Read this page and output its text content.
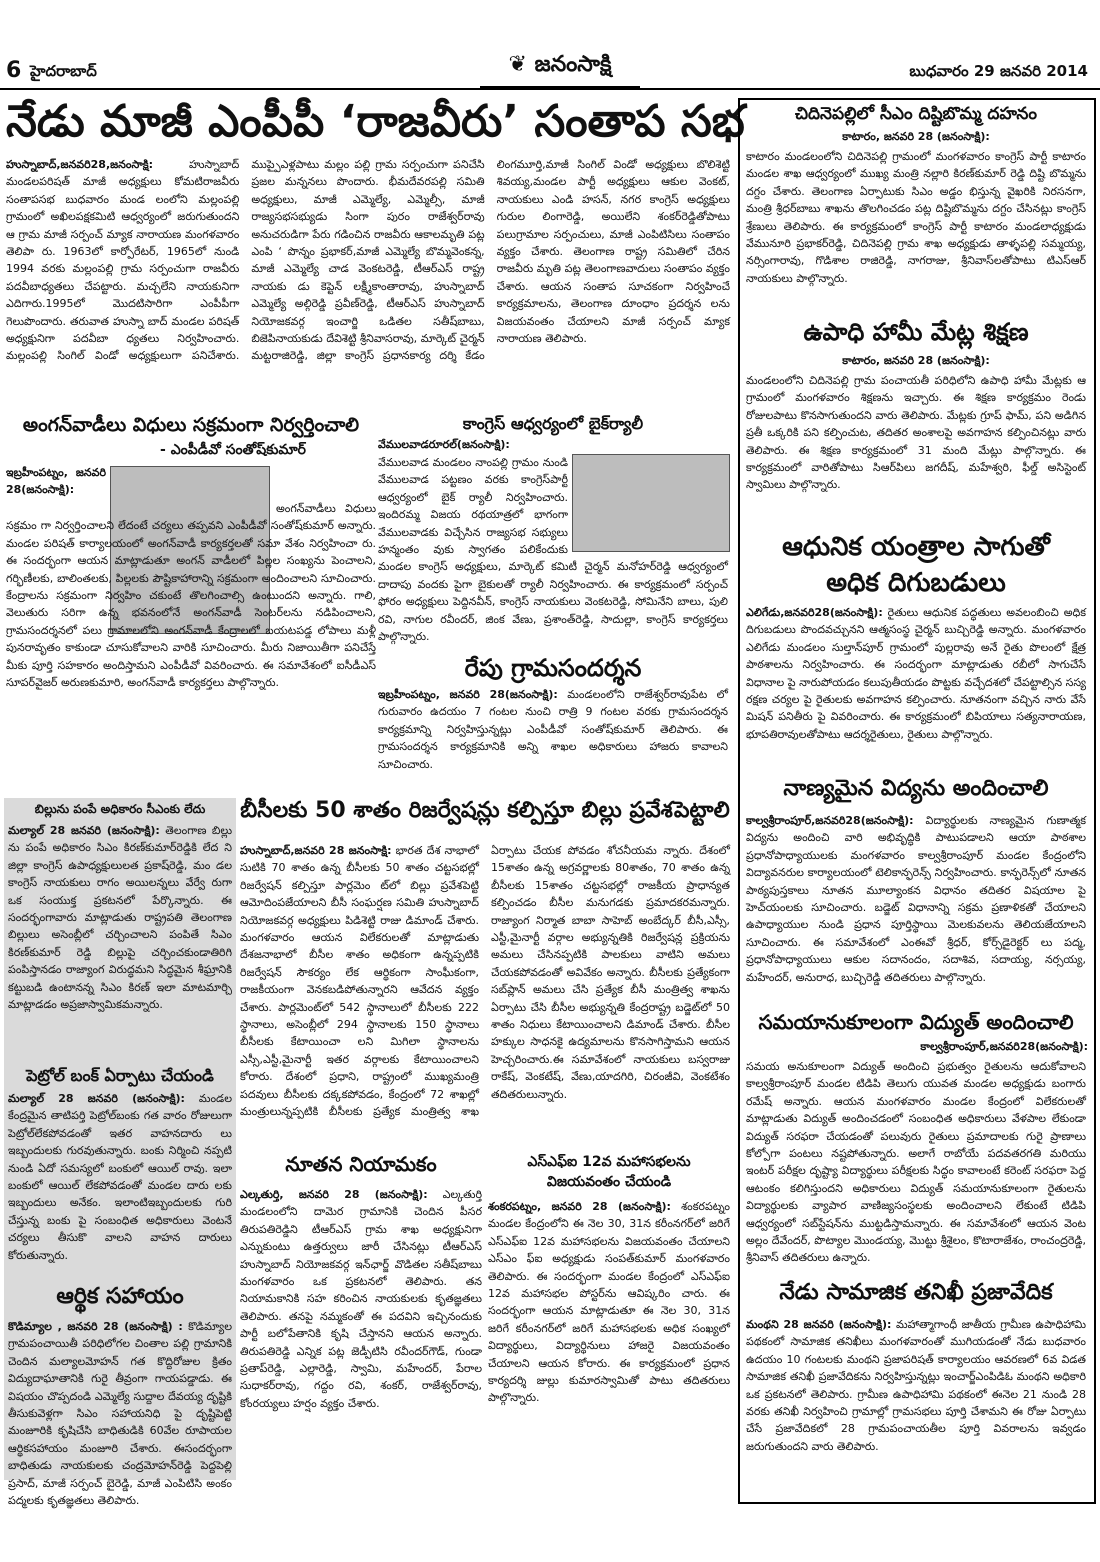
6 హైదరాబాద్	❦ జనంసాక్షి	బుధవారం 29 జనవరి 2014
నేడు మాజీ ఎంపీపీ ‘రాజవీరు’ సంతాప సభ
హుస్నాబాద్,జనవరి28,జనంసాక్షి:	హుస్నాబాద్ మండలపరిషత్ మాజీ అధ్యక్షులు కోమటిరాజవీరు సంతాపసభ బుధవారం మండ లంలోని మల్లంపల్లి గ్రామంలో అఖిలపక్షకమిటి ఆధ్వర్యంలో జరుగుతుందని ఆ గ్రామ మాజీ సర్పంచ్ మ్యాక నారాయణ మంగళవారం తెలిపా రు. 1963లో కార్పోరేటర్, 1965లో నుండి 1994 వరకు మల్లంపల్లి గ్రామ సర్పంచుగా రాజవీరు పదవీబాధ్యతలు చేపట్టారు. మచ్చలేని నాయకునిగా ఎదిగారు.1995లో మొదటిసారిగా ఎంపీపీగా గెలుపొందారు. తరువాత హుస్నా బాద్ మండల పరిషత్ అధ్యక్షునిగా పదవీబా ధ్యతలు నిర్వహించారు. మల్లంపల్లి సింగిల్ విండో అధ్యక్షులుగా పనిచేశారు. ముప్పైఎళ్లపాటు మల్లం పల్లి గ్రామ సర్పంచుగా పనిచేసి ప్రజల మన్ననలు పొందారు. భీమదేవరపల్లి సమితి అధ్యక్షులు, మాజీ ఎమ్మెల్యే, ఎమ్మెల్సీ, మాజీ రాజ్యసభసభ్యుడు సింగా పురం రాజేశ్వర్‌రావు అనుచరుడిగా పేరు గడించిన రాజవీరు ఆకాలమృతి పట్ల ఎంపి ‘ పొన్నం ప్రభాకర్,మాజీ ఎమ్మెల్యే బొమ్మవెంకన్న, మాజీ ఎమ్మెల్యే చాడ వెంకటరెడ్డి, టీఆర్‌ఎస్ రాష్ట్ర నాయకు డు కెప్టెన్ లక్ష్మీకాంతారావు, హుస్నాబాద్ ఎమ్మెల్యే అల్గిరెడ్డి ప్రవీణ్‌రెడ్డి, టీఆర్‌ఎస్ హుస్నాబాద్ నియోజకవర్గ ఇంచార్జి ఒడితల సతీష్‌బాబు, బిజెపినాయకుడు దేవిశెట్టి శ్రీనివాసరావు, మార్కెట్ చైర్మన్ మట్టరాజిరెడ్డి, జిల్లా కాంగ్రెస్ ప్రధానకార్య దర్శి కేడం లింగమూర్తి,మాజీ సింగిల్ విండో అధ్యక్షులు బొలిశెట్టి శివయ్య,మండల పార్టీ అధ్యక్షులు ఆకుల వెంకట్, నాయకులు ఎండి హసన్, నగర కాంగ్రెస్ అధ్యక్షులు గురుల లింగారెడ్డి, అయిలేని శంకర్‌రెడ్డితోపాటు పలుగ్రామాల సర్పంచులు, మాజీ ఎంపిటిసిలు సంతాపం వ్యక్తం చేశారు. తెలంగాణ రాష్ట్ర సమితిలో చేరిన రాజవీరు మృతి పట్ల తెలంగాణవాదులు సంతాపం వ్యక్తం చేశారు. ఆయన సంతాప సూచకంగా నిర్వహించే కార్యక్రమాలను, తెలంగాణ దూంధాం ప్రదర్శన లను విజయవంతం చేయాలని మాజీ సర్పంచ్ మ్యాక నారాయణ తెలిపారు.
అంగన్‌వాడీలు విధులు సక్రమంగా నిర్వర్తించాలి
- ఎంపీడీవో సంతోష్‌కుమార్
ఇబ్రహీంపట్నం, జనవరి 28(జనంసాక్షి):
అంగన్‌వాడీలు విధులు సక్రమం గా నిర్వర్తించాలని లేదంటే చర్యలు తప్పవని ఎంపీడీవో సంతోష్‌కుమార్ అన్నారు. మండల పరిషత్ కార్యాలయంలో అంగన్‌వాడీ కార్యకర్తలతో సమా వేశం నిర్వహించా రు. ఈ సందర్భంగా ఆయన మాట్లాడుతూ అంగన్ వాడీలలో పిల్లల సంఖ్యను పెంచాలని, గర్భిణీలకు, బాలింతలకు, పిల్లలకు పౌష్టికాహారాన్ని సక్రమంగా అందించాలని సూచించారు. కేంద్రాలను సక్రమంగా నిర్వహిం చకుంటే తొలగించాల్సి ఉంటుందని అన్నారు. గాలి, వెలుతురు సరిగా ఉన్న భవనంలోనే అంగన్‌వాడీ సెంటర్‌లను నడిపించాలని, గ్రామసందర్శనలో పలు గ్రామాలలోని అంగన్‌వాడీ కేంద్రాలలో బయటపడ్డ లోపాలు మళ్లీ పునరావృతం కాకుండా చూసుకోవాలని వారికి సూచించారు. మీరు నిజాయితీగా పనిచేస్తే మీకు పూర్తి సహకారం అందిస్తామని ఎంపీడీవో వివరించారు. ఈ సమావేశంలో ఐసీడీఎస్ సూపర్‌వైజర్ అరుణకుమారి, అంగన్‌వాడీ కార్యకర్తలు పాల్గొన్నారు.
కాంగ్రెస్ ఆధ్వర్యంలో బైక్‌ర్యాలీ
వేములవాడరూరల్(జనంసాక్షి):
వేములవాడ మండలం నాంపల్లి గ్రామం నుండి వేములవాడ పట్టణం వరకు కాంగ్రెస్‌పార్టీ ఆధ్వర్యంలో బైక్ ర్యాలీ నిర్వహించారు. ఇందిరమ్మ విజయ రథయాత్రలో భాగంగా వేములవాడకు విచ్చేసిన రాజ్యసభ సభ్యులు హన్మంతం వుకు స్వాగతం పలికేందుకు మండల కాంగ్రెస్ అధ్యక్షులు, మార్కెట్ కమిటీ చైర్మన్ మనోహర్‌రెడ్డి ఆధ్వర్యంలో దాదాపు వందకు పైగా బైకులతో ర్యాలీ నిర్వహించారు. ఈ కార్యక్రమంలో సర్పంచ్ ఫోరం అధ్యక్షులు పెద్దినవీన్, కాంగ్రెస్ నాయకులు వెంకటరెడ్డి, సోమినేని బాలు, పులి రవి, నాగుల రవీందర్, జింక వేణు, ప్రశాంత్‌రెడ్డి, సాదుల్లా, కాంగ్రెస్ కార్యకర్తలు పాల్గొన్నారు.
రేపు గ్రామసందర్శన
ఇబ్రహీంపట్నం, జనవరి 28(జనంసాక్షి): మండలంలోని రాజేశ్వర్‌రావుపేట లో గురువారం ఉదయం 7 గంటల నుంచి రాత్రి 9 గంటల వరకు గ్రామసందర్శన కార్యక్రమాన్ని నిర్వహిస్తున్నట్లు ఎంపీడీవో సంతోష్‌కుమార్ తెలిపారు. ఈ గ్రామసందర్శన కార్యక్రమానికి అన్ని శాఖల అధికారులు హాజరు కావాలని సూచించారు.
బిల్లును పంపే అధికారం సీఎంకు లేదు
మల్యాల్ 28 జనవరి (జనంసాక్షి): తెలంగాణ బిల్లు ను పంపే అధికారం సిఎం కిరణ్‌కుమార్‌రెడ్డికి లేద ని జిల్లా కాంగ్రెస్ ఉపాధ్యక్షులులత ప్రకాష్‌రెడ్డి, మం డల కాంగ్రెస్ నాయకులు రాగం అయిలన్నలు వేర్వే రుగా ఒక సంయుక్త ప్రకటనలో పేర్కొన్నారు. ఈ సందర్భంగావారు మాట్లాడుతు రాష్ట్రపతి తెలంగాణ బిల్లులు అసెంబ్లీలో చర్చించాలని పంపితే సిఎం కిరణ్‌కుమార్ రెడ్డి బిల్లుపై చర్చించకుండాతిరిగి పంపిస్తానడం రాజ్యాంగ విరుద్ధమని సిద్ధమైన శీఘ్రానికి కట్టుబడి ఉంటానన్న సిఎం కిరణ్ ఇలా మాటమార్చి మాట్లాడడం అప్రజాస్వామికమన్నారు.
పెట్రోల్ బంక్ ఏర్పాటు చేయండి
మల్యాల్ 28 జనవరి (జనంసాక్షి): మండల కేంద్రమైన తాటిపర్తి పెట్రోల్‌బంకు గత వారం రోజులుగా పెట్రోల్‌లేకపోవడంతో ఇతర వాహనదారు లు ఇబ్బందులకు గురవుతున్నారు. బంకు నిర్మించి నప్పటి నుండి ఏదో సమస్యలో బంకులో ఆయిల్ రావు. ఇలా బంకులో ఆయిల్ లేకపోవడంతో మండల దారు లకు ఇబ్బందులు అనేకం. ఇలాంటిఇబ్బందులకు గురి చేస్తున్న బంకు పై సంబంధిత అధికారులు వెంటనే చర్యలు తీసుకొ వాలని వాహన దారులు కోరుతున్నారు.
ఆర్థిక సహాయం
కొడిమ్యాల , జనవరి 28 (జనంసాక్షి) : కొడిమ్యాల గ్రామపంచాయితీ పరిధిలోగల చింతాల పల్లి గ్రామానికి చెందిన మల్యాలమోహన్ గత కొద్దిరోజుల క్రితం విద్యుదాఘాతానికి గురై తీవ్రంగా గాయపడ్డాడు. ఈ విషయం చొప్పదండి ఎమ్మెల్యే సుద్దాల దేవయ్య దృష్టికి తీసుకువెళ్లగా సిఎం సహాయనిధి పై దృష్టిపెట్టి మంజూరికి కృషిచేసి బాధితుడికి 60వేల రూపాయల ఆర్థికసహాయం మంజూరి చేశారు. ఈసందర్భంగా బాధితుడు నాయకులకు చంద్రమోహన్‌రెడ్డి పెద్దపెల్లి ప్రసాద్, మాజీ సర్పంచ్ బైరెడ్డి, మాజీ ఎంపిటిసి అంకం పద్మలకు కృతజ్ఞతలు తెలిపారు.
బీసీలకు 50 శాతం రిజర్వేషన్లు కల్పిస్తూ బిల్లు ప్రవేశపెట్టాలి
హుస్నాబాద్,జనవరి 28 జనంసాక్షి: భారత దేశ నాభాలో సుటికి 70 శాతం ఉన్న బీసీలకు 50 శాతం చట్టసభల్లో రిజర్వేషన్ కల్పిస్తూ పార్లమెం ట్‌లో బిల్లు ప్రవేశపెట్టి ఆమోదింపజేయాలని బీసీ సంఘర్షణ సమితి హుస్నాబాద్ నియోజకవర్గ అధ్యక్షులు పిడిశెట్టి రాజు డిమాండ్ చేశారు. మంగళవారం ఆయన విలేకరులతో మాట్లాడుతు దేశజనాభాలో బీసీల శాతం అధికంగా ఉన్నప్పటికి రిజర్వేషన్ సౌకర్యం లేక ఆర్థికంగా సాంఘీకంగా, రాజకీయంగా వెనకబడిపోతున్నారని ఆవేదన వ్యక్తం చేశారు. పార్లమెంట్‌లో 542 స్థానాలులో బీసీలకు 222 స్థానాలు, అసెంబ్లీలో 294 స్థానాలకు 150 స్థానాలు బీసీలకు కేటాయించా లని మిగిలా స్థానాలను ఎస్సీ,ఎస్టీ,మైనార్టీ ఇతర వర్గాలకు కేటాయించాలని కోరారు. దేశంలో ప్రధాని, రాష్ట్రంలో ముఖ్యమంత్రి పదవులు బీసీలకు దక్కకపోవడం, కేంద్రంలో 72 శాఖల్లో మంత్రులున్నప్పటికి బీసీలకు ప్రత్యేక మంత్రిత్వ శాఖ ఏర్పాటు చేయక పోవడం శోచనీయమ న్నారు. దేశంలో 15శాతం ఉన్న అగ్రవర్ణాలకు 80శాతం, 70 శాతం ఉన్న బీసీలకు 15శాతం చట్టసభల్లో రాజకీయ ప్రాధాన్యత కల్పించడం బీసీల మనుగడకు ప్రమాదకరమన్నారు. రాజ్యాంగ నిర్మాత బాబా సాహెబ్ అంబేద్కర్ బీసీ,ఎస్సీ, ఎస్టీ,మైనార్టీ వర్గాల అభ్యున్నతికి రిజర్వేషన్ల ప్రక్రియను అమలు చేసినప్పటికి పాలకులు వాటిని అమలు చేయకపోవడంతో అవివేకం అన్నారు. బీసీలకు ప్రత్యేకంగా సబ్‌ప్లాన్ అమలు చేసి ప్రత్యేక బీసీ మంత్రిత్వ శాఖను ఏర్పాటు చేసి బీసీల అభ్యున్నతి కేంద్రరాష్ట్ర బడ్జెట్‌లో 50 శాతం నిధులు కేటాయించాలని డిమాండ్ చేశారు. బీసీల హక్కుల సాధనకై ఉద్యమాలను కొనసాగిస్తామని ఆయన హెచ్చరించారు.ఈ సమావేశంలో నాయకులు బస్వరాజు రాకేష్, వెంకటేష్, వేణు,యాదగిరి, చిరంజీవి, వెంకటేశం తదితరులున్నారు.
నూతన నియామకం
ఎల్కతుర్తి, జనవరి 28 (జనంసాక్షి): ఎల్కతుర్తి మండలంలోని దామెర గ్రామానికి చెందిన పీసర తిరుపతిరెడ్డిని టీఆర్‌ఎస్ గ్రామ శాఖ అధ్యక్షునిగా ఎన్నుకుంటు ఉత్తర్వులు జారీ చేసినట్లు టీఆర్‌ఎస్ హుస్నాబాద్ నియోజకవర్గ ఇన్‌ఛార్జ్ వొడితల సతీష్‌బాబు మంగళవారం ఒక ప్రకటనలో తెలిపారు. తన నియామకానికి సహ కరించిన నాయకులకు కృతజ్ఞతలు తెలిపారు. తనపై నమ్మకంతో ఈ పదవిని ఇచ్చినందుకు పార్టీ బలోపేతానికి కృషి చేస్తానని ఆయన అన్నారు. తిరుపతిరెడ్డి ఎన్నిక పట్ల జెడ్పీటిసి రవీందర్‌గౌడ్, గుండా ప్రతాప్‌రెడ్డి, ఎల్లారెడ్డి, స్వామి, మహేందర్, పేరాల సుధాకర్‌రావు, గద్దం రవి, శంకర్, రాజేశ్వర్‌రావు, కోంరయ్యలు హర్షం వ్యక్తం చేశారు.
ఎస్ఎఫ్ఐ 12వ మహాసభలను
విజయవంతం చేయండి
శంకరపట్నం, జనవరి 28 (జనంసాక్షి): శంకరపట్నం మండల కేంద్రంలోని ఈ నెల 30, 31న కరీంనగర్‌లో జరిగే ఎస్ఎఫ్ఐ 12వ మహాసభలను విజయవంతం చేయాలని ఎస్ఎం ఫ్ఐ అధ్యక్షుడు సంపత్‌కుమార్ మంగళవారం తెలిపారు. ఈ సందర్భంగా మండల కేంద్రంలో ఎస్ఎఫ్ఐ 12వ మహాసభల పోస్టర్‌ను ఆవిష్కరిం చారు. ఈ సందర్భంగా ఆయన మాట్లాడుతూ ఈ నెల 30, 31న జరిగే కరీంనగర్‌లో జరిగే మహాసభలకు అధిక సంఖ్యలో విద్యార్థులు, విద్యార్థినులు హాజరై విజయవంతం చేయాలని ఆయన కోరారు. ఈ కార్యక్రమంలో ప్రధాన కార్యదర్శి జుల్లు కుమారస్వామితో పాటు తదితరులు పాల్గొన్నారు.
చిదినెపల్లిలో సీఎం దిష్టిబొమ్మ దహనం
కాటారం, జనవరి 28 (జనంసాక్షి):
కాటారం మండలంలోని చిదినెపల్లి గ్రామంలో మంగళవారం కాంగ్రెస్ పార్టీ కాటారం మండల శాఖ ఆధ్వర్యంలో ముఖ్య మంత్రి నల్లారి కిరణ్‌కుమార్ రెడ్డి దిష్టి బొమ్మను దగ్దం చేశారు. తెలంగాణ ఏర్పాటుకు సిఎం అడ్డం భిస్తున్న వైఖరికి నిరసనగా, మంత్రి శ్రీధర్‌బాబు శాఖను తొలగించడం పట్ల దిష్టిబొమ్మను దగ్దం చేసినట్లు కాంగ్రెస్ శ్రేణులు తెలిపారు. ఈ కార్యక్రమంలో కాంగ్రెస్ పార్టీ కాటారం మండలాధ్యక్షుడు వేమునూరి ప్రభాకర్‌రెడ్డి, చిదినెపల్లి గ్రామ శాఖ అధ్యక్షుడు తాళ్ళపల్లి సమ్మయ్య, నర్సింగారావు, గొడిశాల రాజిరెడ్డి, నాగరాజు, శ్రీనివాస్‌లతోపాటు టిఎస్ఆర్ నాయకులు పాల్గొన్నారు.
ఉపాధి హామీ మేట్ల శిక్షణ
కాటారం, జనవరి 28 (జనంసాక్షి):
మండలంలోని చిదినెపల్లి గ్రామ పంచాయతీ పరిధిలోని ఉపాధి హామీ మేట్లకు ఆ గ్రామంలో మంగళవారం శిక్షణను ఇచ్చారు. ఈ శిక్షణ కార్యక్రమం రెండు రోజులపాటు కొనసాగుతుందని వారు తెలిపారు. మేట్లకు గ్రూప్ ఫామ్, పని అడిగిన ప్రతీ ఒక్కరికి పని కల్పించుట, తదితర అంశాలపై అవగాహన కల్పించినట్లు వారు తెలిపారు. ఈ శిక్షణ కార్యక్రమంలో 31 మంది మేట్లు పాల్గొన్నారు. ఈ కార్యక్రమంలో వారితోపాటు సిఆర్‌పిలు జగదీష్, మహేశ్వరి, ఫీల్డ్ అసిస్టెంట్ స్వామిలు పాల్గొన్నారు.
ఆధునిక యంత్రాల సాగుతో
అధిక దిగుబడులు
ఎలిగేడు,జనవరి28(జనంసాక్షి): రైతులు ఆధునిక పద్ధతులు అవలంబించి అధిక దిగుబడులు పొందవచ్చునని ఆత్మసంస్థ చైర్మన్ బుచ్చిరెడ్డి అన్నారు. మంగళవారం ఎలిగేడు మండలం సుల్తాన్‌పూర్ గ్రామంలో పుల్లరావు అనే రైతు పొలంలో క్షేత్ర పాఠశాలను నిర్వహించారు. ఈ సందర్భంగా మాట్లాడుతు రబీలో సాగుచేసే విధానాల పై నారుపోయడం కలుపుతీయడం పొట్టకు వచ్చేదశలో చేపట్టాల్సిన సస్య రక్షణ చర్యల పై రైతులకు అవగాహన కల్పించారు. నూతనంగా వచ్చిన నారు వేసే మిషన్ పనితీరు పై వివరించారు. ఈ కార్యక్రమంలో బిపియాలు సత్యనారాయణ, భూపతిరావులతోపాటు ఆదర్శరైతులు, రైతులు పాల్గొన్నారు.
నాణ్యమైన విద్యను అందించాలి
కాల్వశ్రీరాంపూర్,జనవరి28(జనంసాక్షి): విద్యార్థులకు నాణ్యమైన గుణాత్మక విద్యను అందించి వారి అభివృద్ధికి పాటుపడాలని ఆయా పాఠశాల ప్రధానోపాధ్యాయులకు మంగళవారం కాల్వశ్రీరాంపూర్ మండల కేంద్రంలోని విద్యావనరుల కార్యాలయంలో టెలికాన్ఫరెన్స్ నిర్వహించారు. కాన్ఫరెన్స్‌లో నూతన పాఠ్యపుస్తకాలు నూతన మూల్యాంకన విధానం తదితర విషయాల పై హెచ్‌యంలకు సూచించారు. బడ్జెట్ విధానాన్ని సక్రమ ప్రణాళికతో చేయాలని ఉపాధ్యాయుల నుండి ప్రధాన పూర్తిస్థాయి మెలకువలను తెలియజేయాలని సూచించారు. ఈ సమావేశంలో ఎంఈవో శ్రీధర్, కోర్స్‌డైరెక్టర్ లు పద్మ, ప్రధానోపాధ్యాయులు ఆకుల సదానందం, సదాశివ, సదాయ్య, నర్సయ్య, మహేందర్, అనురాధ, బుచ్చిరెడ్డి తదితరులు పాల్గొన్నారు.
సమయానుకూలంగా విద్యుత్ అందించాలి
కాల్వశ్రీరాంపూర్,జనవరి28(జనంసాక్షి):
సమయ అనుకూలంగా విద్యుత్ అందించి ప్రభుత్వం రైతులను ఆదుకోవాలని కాల్వశ్రీరాంపూర్ మండల టిడిపి తెలుగు యువత మండల అధ్యక్షుడు బంగారు రమేష్ అన్నారు. ఆయన మంగళవారం మండల కేంద్రంలో విలేకరులతో మాట్లాడుతు విద్యుత్ అందించడంలో సంబంధిత అధికారులు వేళపాల లేకుండా విద్యుత్ సరఫరా చేయడంతో పలువురు రైతులు ప్రమాదాలకు గురై ప్రాణాలు కోల్పోగా పంటలు నష్టపోతున్నారు. అలాగే రాబోయే పదవతరగతి మరియు ఇంటర్ పరీక్షల దృష్ట్యా విద్యార్థులు పరీక్షలకు సిద్ధం కావాలంటే కరెంట్ సరఫరా పెద్ద ఆటంకం కలిగిస్తుందని అధికారులు విద్యుత్ సమయానుకూలంగా రైతులను విద్యార్థులకు వ్యాపార వాణిజ్యసంస్థలకు అందించాలని లేకుంటే టిడిపి ఆధ్వర్యంలో సబ్‌స్టేషన్‌ను ముట్టడిస్తామన్నారు. ఈ సమావేశంలో ఆయన వెంట అల్లం దేవేందర్, పొట్యాల మొండయ్య, మొట్టు శ్రీశైలం, కొటారాజేశం, రాంచంద్రరెడ్డి, శ్రీనివాస్ తదితరులు ఉన్నారు.
నేడు సామాజిక తనిఖీ ప్రజావేదిక
మంథని 28 జనవరి (జనంసాక్షి): మహాత్మాగాంధీ జాతీయ గ్రామీణ ఉపాధిహామి పథకంలో సామాజిక తనిఖీలు మంగళవారంతో ముగియడంతో నేడు బుధవారం ఉదయం 10 గంటలకు మంథని ప్రజాపరిషత్ కార్యాలయం ఆవరణలో 6వ విడత సామాజిక తనిఖీ ప్రజావేదికను నిర్వహిస్తున్నట్లు ఇంచార్జ్‌ఎంపిడిఓ మంథని అధికారి ఒక ప్రకటనలో తెలిపారు. గ్రామీణ ఉపాధిహామి పథకంలో ఈనెల 21 నుండి 28 వరకు తనిఖీ నిర్వహించి గ్రామాల్లో గ్రామసభలు పూర్తి చేశామని ఈ రోజు ఏర్పాటు చేసే ప్రజావేదికలో 28 గ్రామపంచాయతీల పూర్తి వివరాలను ఇవ్వడం జరుగుతుందని వారు తెలిపారు.
